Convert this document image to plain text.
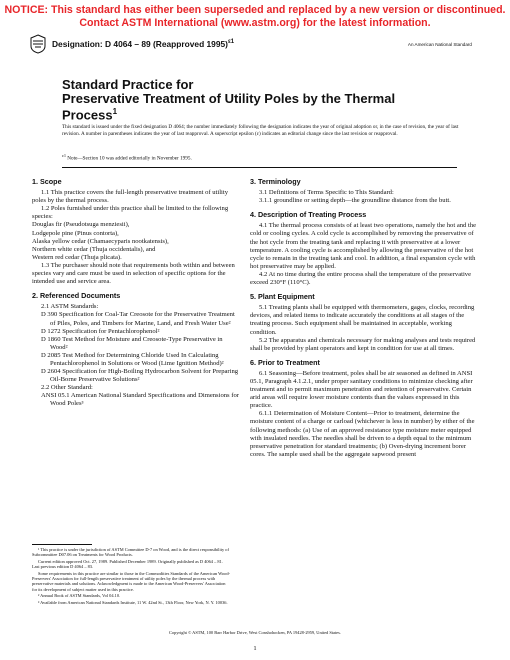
NOTICE: This standard has either been superseded and replaced by a new version or discontinued.
Contact ASTM International (www.astm.org) for the latest information.
Designation: D 4064 – 89 (Reapproved 1995)$^{\varepsilon 1}$	An American National Standard
Standard Practice for
Preservative Treatment of Utility Poles by the Thermal
Process$^1$
This standard is issued under the fixed designation D 4064; the number immediately following the designation indicates the year of original adoption or, in the case of revision, the year of last revision. A number in parentheses indicates the year of last reapproval. A superscript epsilon (ε) indicates an editorial change since the last revision or reapproval.
$^{\varepsilon 1}$ Note—Section 10 was added editorially in November 1995.

1. Scope

1.1 This practice covers the full-length preservative treatment of utility poles by the thermal process.

1.2 Poles furnished under this practice shall be limited to the following species:

Douglas fir (Pseudotsuga menziesii),

Lodgepole pine (Pinus contorta),

Alaska yellow cedar (Chamaecyparis nootkatensis),

Northern white cedar (Thuja occidentalis), and

Western red cedar (Thuja plicata).

1.3 The purchaser should note that requirements both within and between species vary and care must be used in selection of specific options for the intended use and service area.

2. Referenced Documents

2.1 ASTM Standards:

D 390 Specification for Coal-Tar Creosote for the Preservative Treatment of Piles, Poles, and Timbers for Marine, Land, and Fresh Water Use²

D 1272 Specification for Pentachlorophenol²

D 1860 Test Method for Moisture and Creosote-Type Preservative in Wood²

D 2085 Test Method for Determining Chloride Used In Calculating Pentachlorophenol in Solutions or Wood (Lime Ignition Method)²

D 2604 Specification for High-Boiling Hydrocarbon Solvent for Preparing Oil-Borne Preservative Solutions²

2.2 Other Standard:

ANSI 05.1 American National Standard Specifications and Dimensions for Wood Poles³

3. Terminology

3.1 Definitions of Terms Specific to This Standard:

3.1.1 groundline or setting depth—the groundline distance from the butt.

4. Description of Treating Process

4.1 The thermal process consists of at least two operations, namely the hot and the cold or cooling cycles. A cold cycle is accomplished by removing the preservative of the hot cycle from the treating tank and replacing it with preservative at a lower temperature. A cooling cycle is accomplished by allowing the preservative of the hot cycle to remain in the treating tank and cool. In addition, a final expansion cycle with hot preservative may be applied.

4.2 At no time during the entire process shall the temperature of the preservative exceed 230°F (110°C).

5. Plant Equipment

5.1 Treating plants shall be equipped with thermometers, gages, clocks, recording devices, and related items to indicate accurately the conditions at all stages of the treating process. Such equipment shall be maintained in acceptable, working condition.

5.2 The apparatus and chemicals necessary for making analyses and tests required shall be provided by plant operators and kept in condition for use at all times.

6. Prior to Treatment

6.1 Seasoning—Before treatment, poles shall be air seasoned as defined in ANSI 05.1, Paragraph 4.1.2.1, under proper sanitary conditions to minimize checking after treatment and to permit maximum penetration and retention of preservative. Certain arid areas will require lower moisture contents than the values expressed in this practice.

6.1.1 Determination of Moisture Content—Prior to treatment, determine the moisture content of a charge or carload (whichever is less in number) by either of the following methods: (a) Use of an approved resistance type moisture meter equipped with insulated needles. The needles shall be driven to a depth equal to the minimum preservative penetration for standard treatments; (b) Oven-drying increment borer cores. The sample used shall be the aggregate sapwood present

¹ This practice is under the jurisdiction of ASTM Committee D-7 on Wood, and is the direct responsibility of Subcommittee D07.06 on Treatments for Wood Products.

Current edition approved Oct. 27, 1989. Published December 1989. Originally published as D 4064 – 81. Last previous edition D 4064 – 83.

Some requirements in this practice are similar to those in the Commodities Standards of the American Wood-Preservers' Association for full-length preservative treatment of utility poles by the thermal process with preservative materials and solutions. Acknowledgment is made to the American Wood-Preservers' Association for its development of subject matter used in this practice.

² Annual Book of ASTM Standards, Vol 04.10.

³ Available from American National Standards Institute, 11 W. 42nd St., 13th Floor, New York, N. Y. 10036.

Copyright © ASTM, 100 Barr Harbor Drive, West Conshohocken, PA 19428-2959, United States.
1
